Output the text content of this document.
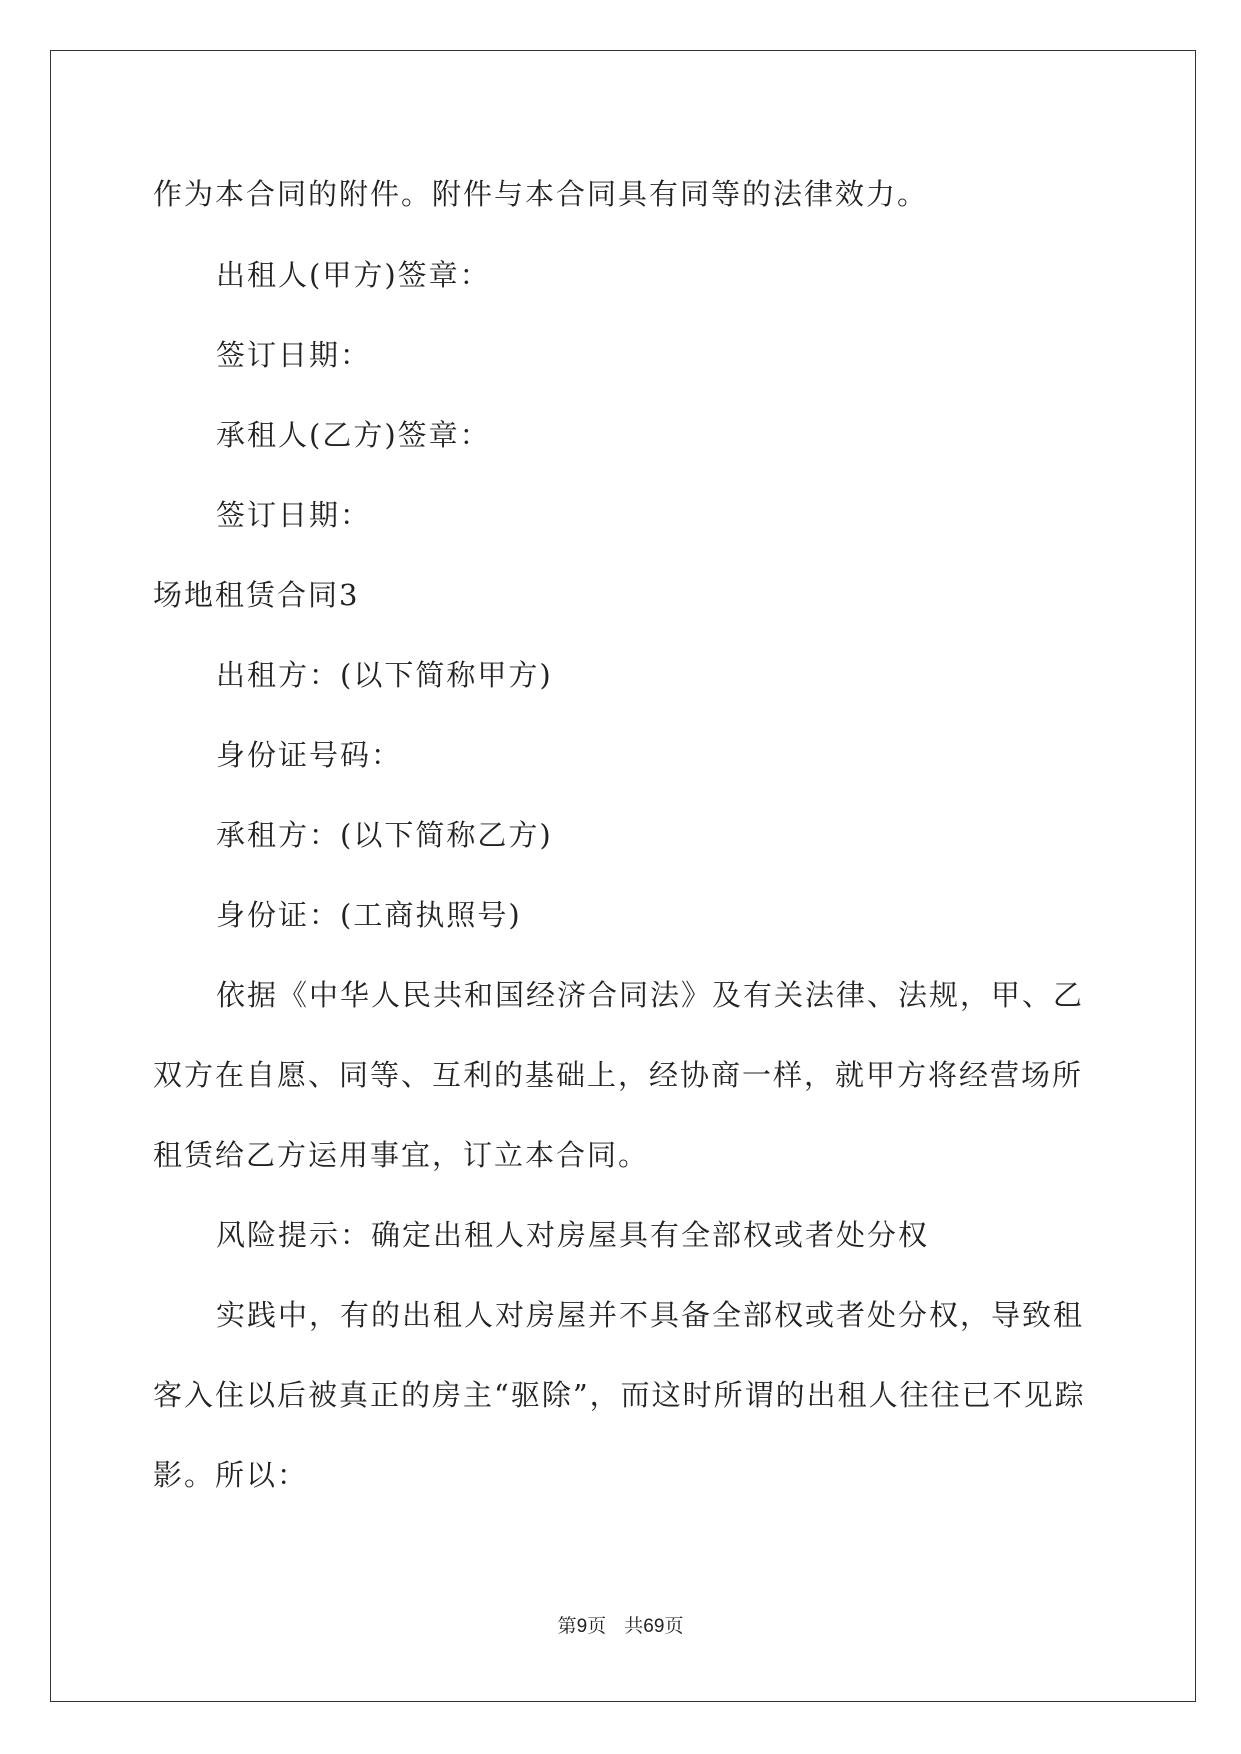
作为本合同的附件。附件与本合同具有同等的法律效力。
出租人(甲方)签章：
签订日期：
承租人(乙方)签章：
签订日期：
场地租赁合同3
出租方：(以下简称甲方)
身份证号码：
承租方：(以下简称乙方)
身份证：(工商执照号)
依据《中华人民共和国经济合同法》及有关法律、法规，甲、乙
双方在自愿、同等、互利的基础上，经协商一样，就甲方将经营场所
租赁给乙方运用事宜，订立本合同。
风险提示：确定出租人对房屋具有全部权或者处分权
实践中，有的出租人对房屋并不具备全部权或者处分权，导致租
客入住以后被真正的房主“驱除”，而这时所谓的出租人往往已不见踪
影。所以：
第9页 共69页
